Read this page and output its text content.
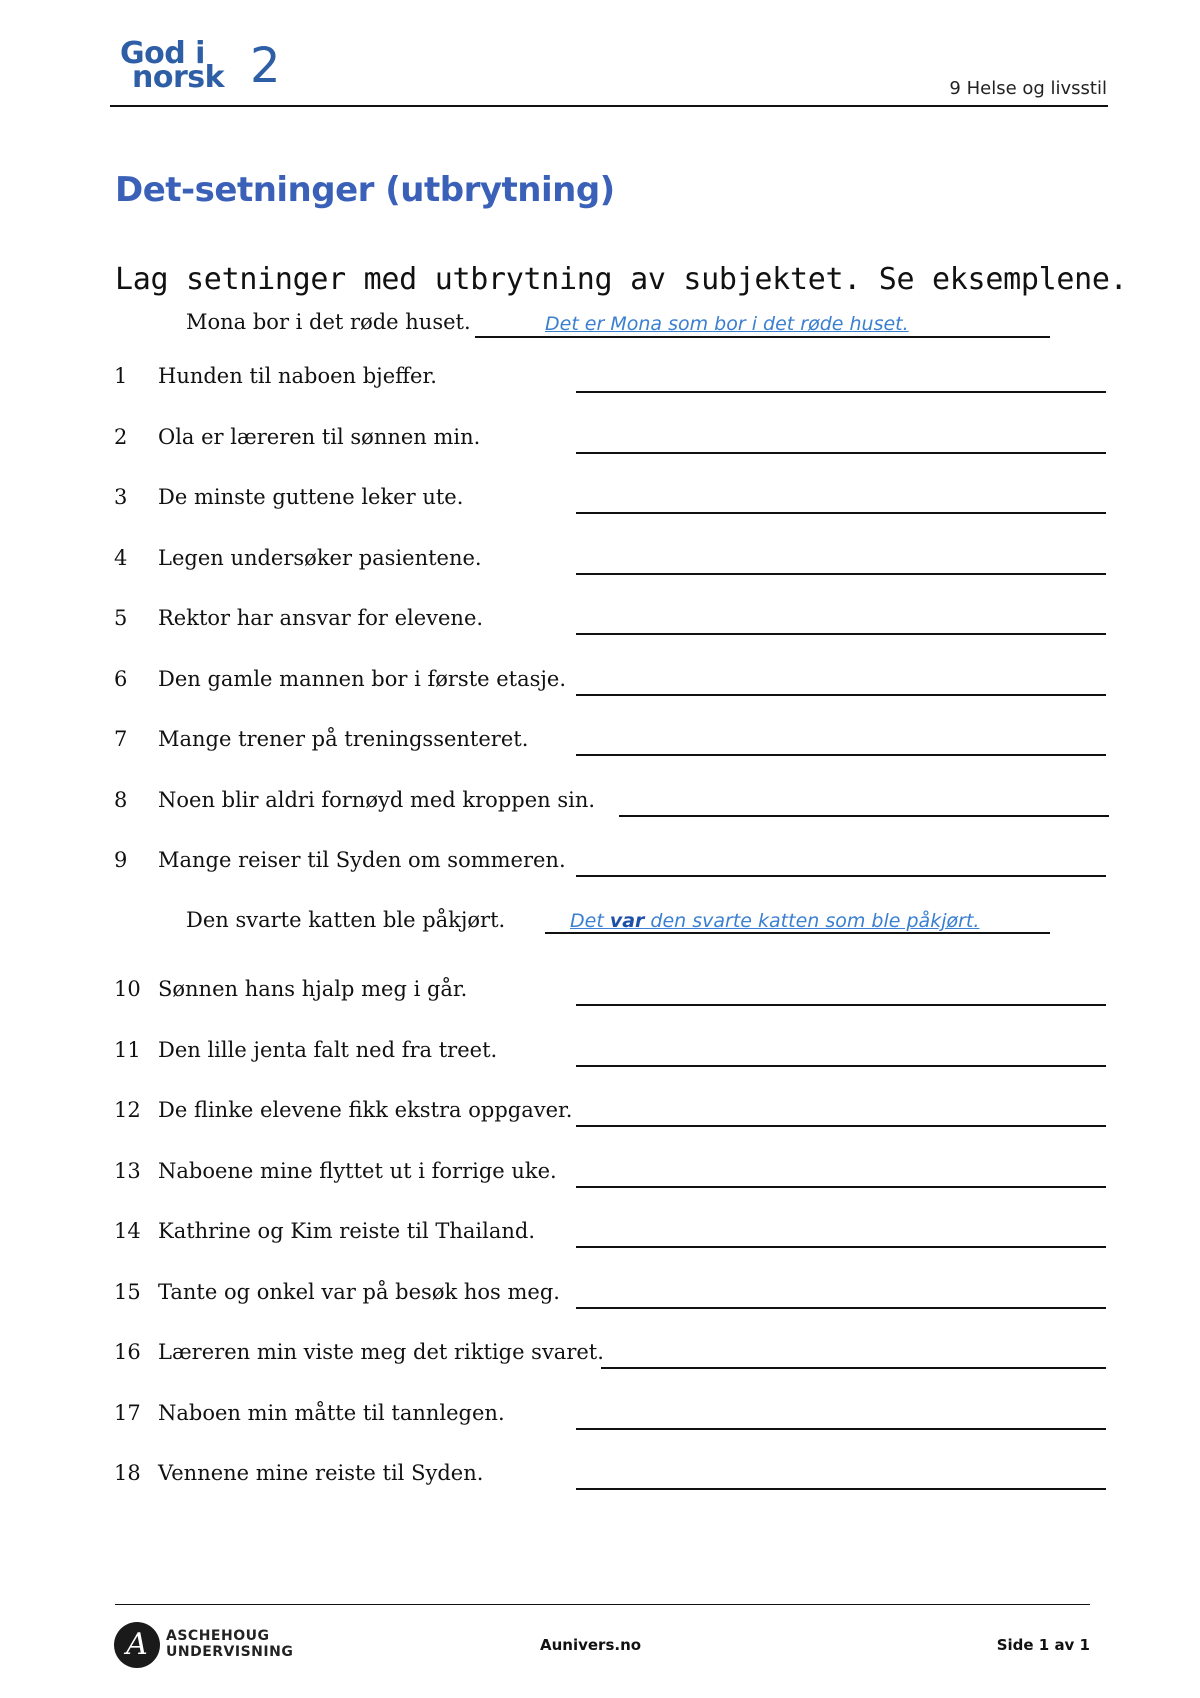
God i
norsk 2	9 Helse og livsstil
Det-setninger (utbrytning)
Lag setninger med utbrytning av subjektet. Se eksemplene.
Mona bor i det røde huset.	Det er Mona som bor i det røde huset.
1 Hunden til naboen bjeffer.
2 Ola er læreren til sønnen min.
3 De minste guttene leker ute.
4 Legen undersøker pasientene.
5 Rektor har ansvar for elevene.
6 Den gamle mannen bor i første etasje.
7 Mange trener på treningssenteret.
8 Noen blir aldri fornøyd med kroppen sin.
9 Mange reiser til Syden om sommeren.
Den svarte katten ble påkjørt.	Det var den svarte katten som ble påkjørt.
10 Sønnen hans hjalp meg i går.
11 Den lille jenta falt ned fra treet.
12 De flinke elevene fikk ekstra oppgaver.
13 Naboene mine flyttet ut i forrige uke.
14 Kathrine og Kim reiste til Thailand.
15 Tante og onkel var på besøk hos meg.
16 Læreren min viste meg det riktige svaret.
17 Naboen min måtte til tannlegen.
18 Vennene mine reiste til Syden.
A	ASCHEHOUG
UNDERVISNING	Aunivers.no	Side 1 av 1
